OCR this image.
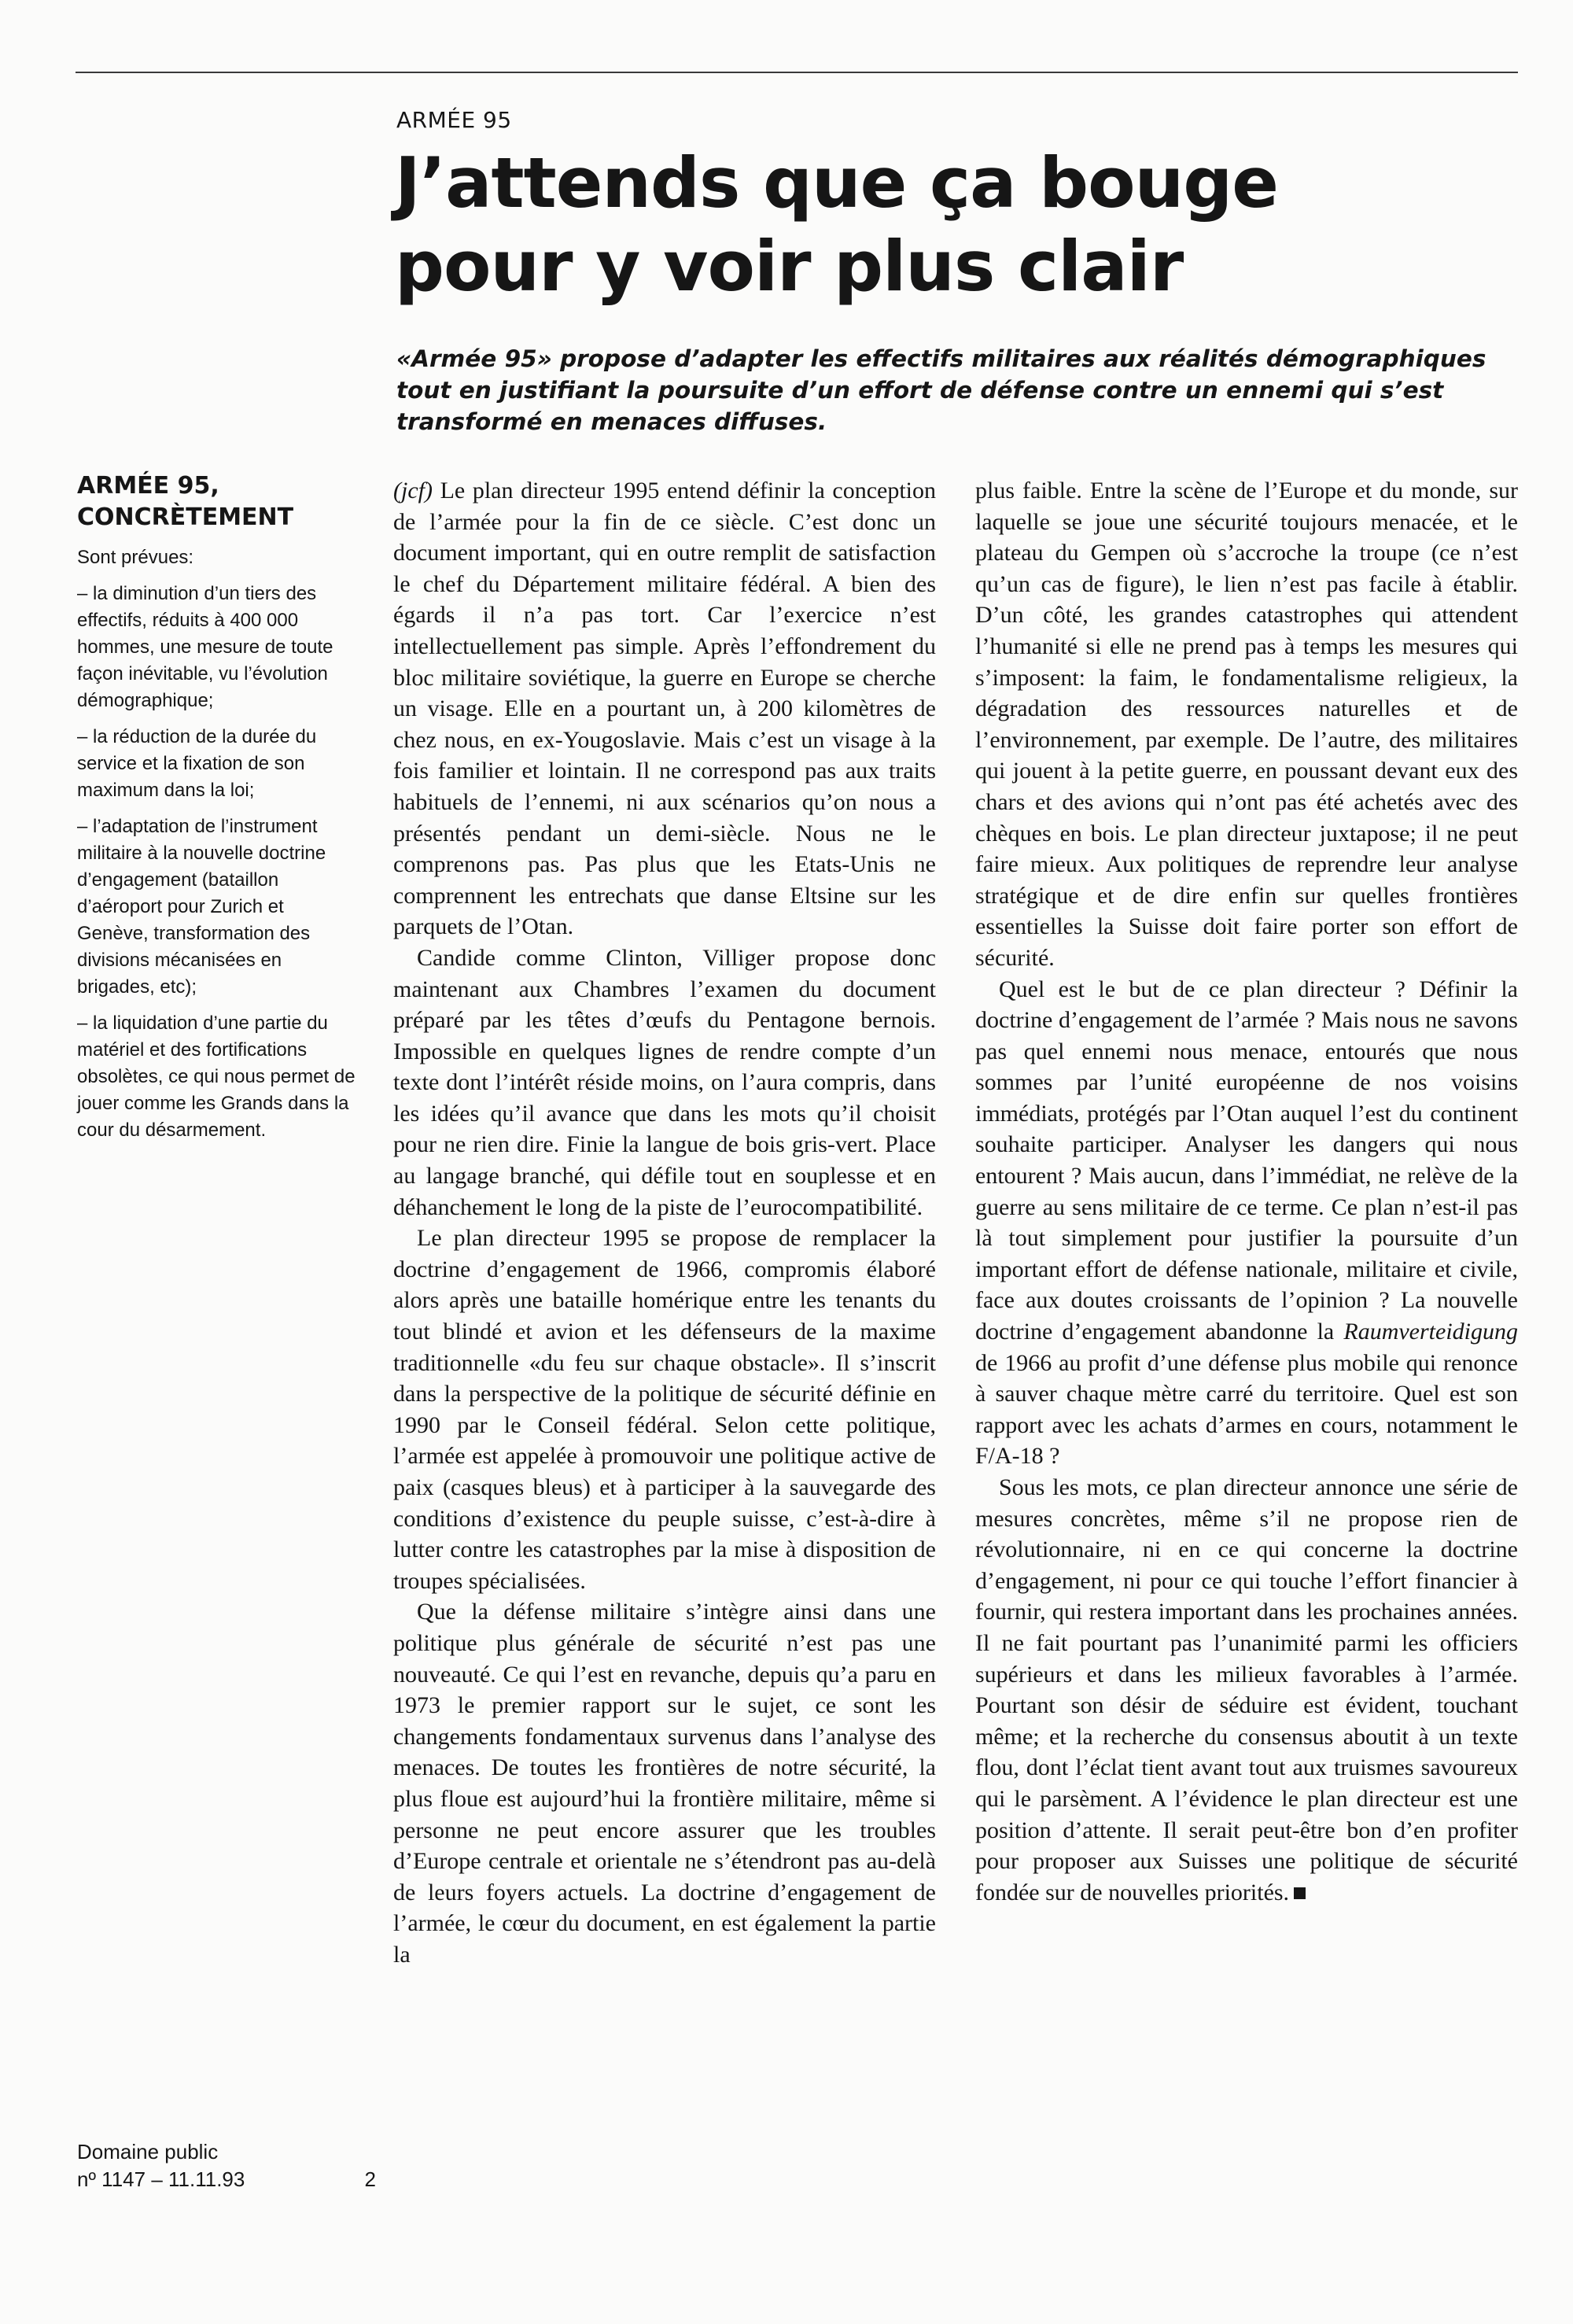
ARMÉE 95
J’attends que ça bouge
pour y voir plus clair

«Armée 95» propose d’adapter les effectifs militaires aux réalités démographiques tout en justifiant la poursuite d’un effort de défense contre un ennemi qui s’est transformé en menaces diffuses.

ARMÉE 95,
CONCRÈTEMENT

Sont prévues:

– la diminution d’un tiers des effectifs, réduits à 400 000 hommes, une mesure de toute façon inévitable, vu l’évolution démographique;

– la réduction de la durée du service et la fixation de son maximum dans la loi;

– l’adaptation de l’instrument militaire à la nouvelle doctrine d’engagement (bataillon d’aéroport pour Zurich et Genève, transformation des divisions mécanisées en brigades, etc);

– la liquidation d’une partie du matériel et des fortifications obsolètes, ce qui nous permet de jouer comme les Grands dans la cour du désarmement.

(jcf) Le plan directeur 1995 entend définir la conception de l’armée pour la fin de ce siècle. C’est donc un document important, qui en outre remplit de satisfaction le chef du Département militaire fédéral. A bien des égards il n’a pas tort. Car l’exercice n’est intellectuellement pas simple. Après l’effondrement du bloc militaire soviétique, la guerre en Europe se cherche un visage. Elle en a pourtant un, à 200 kilomètres de chez nous, en ex-Yougoslavie. Mais c’est un visage à la fois familier et lointain. Il ne correspond pas aux traits habituels de l’ennemi, ni aux scénarios qu’on nous a présentés pendant un demi-siècle. Nous ne le comprenons pas. Pas plus que les Etats-Unis ne comprennent les entrechats que danse Eltsine sur les parquets de l’Otan.

Candide comme Clinton, Villiger propose donc maintenant aux Chambres l’examen du document préparé par les têtes d’œufs du Pentagone bernois. Impossible en quelques lignes de rendre compte d’un texte dont l’intérêt réside moins, on l’aura compris, dans les idées qu’il avance que dans les mots qu’il choisit pour ne rien dire. Finie la langue de bois gris-vert. Place au langage branché, qui défile tout en souplesse et en déhanchement le long de la piste de l’eurocompatibilité.

Le plan directeur 1995 se propose de remplacer la doctrine d’engagement de 1966, compromis élaboré alors après une bataille homérique entre les tenants du tout blindé et avion et les défenseurs de la maxime traditionnelle «du feu sur chaque obstacle». Il s’inscrit dans la perspective de la politique de sécurité définie en 1990 par le Conseil fédéral. Selon cette politique, l’armée est appelée à promouvoir une politique active de paix (casques bleus) et à participer à la sauvegarde des conditions d’existence du peuple suisse, c’est-à-dire à lutter contre les catastrophes par la mise à disposition de troupes spécialisées.

Que la défense militaire s’intègre ainsi dans une politique plus générale de sécurité n’est pas une nouveauté. Ce qui l’est en revanche, depuis qu’a paru en 1973 le premier rapport sur le sujet, ce sont les changements fondamentaux survenus dans l’analyse des menaces. De toutes les frontières de notre sécurité, la plus floue est aujourd’hui la frontière militaire, même si personne ne peut encore assurer que les troubles d’Europe centrale et orientale ne s’étendront pas au-delà de leurs foyers actuels. La doctrine d’engagement de l’armée, le cœur du document, en est également la partie la

plus faible. Entre la scène de l’Europe et du monde, sur laquelle se joue une sécurité toujours menacée, et le plateau du Gempen où s’accroche la troupe (ce n’est qu’un cas de figure), le lien n’est pas facile à établir. D’un côté, les grandes catastrophes qui attendent l’humanité si elle ne prend pas à temps les mesures qui s’imposent: la faim, le fondamentalisme religieux, la dégradation des ressources naturelles et de l’environnement, par exemple. De l’autre, des militaires qui jouent à la petite guerre, en poussant devant eux des chars et des avions qui n’ont pas été achetés avec des chèques en bois. Le plan directeur juxtapose; il ne peut faire mieux. Aux politiques de reprendre leur analyse stratégique et de dire enfin sur quelles frontières essentielles la Suisse doit faire porter son effort de sécurité.

Quel est le but de ce plan directeur ? Définir la doctrine d’engagement de l’armée ? Mais nous ne savons pas quel ennemi nous menace, entourés que nous sommes par l’unité européenne de nos voisins immédiats, protégés par l’Otan auquel l’est du continent souhaite participer. Analyser les dangers qui nous entourent ? Mais aucun, dans l’immédiat, ne relève de la guerre au sens militaire de ce terme. Ce plan n’est-il pas là tout simplement pour justifier la poursuite d’un important effort de défense nationale, militaire et civile, face aux doutes croissants de l’opinion ? La nouvelle doctrine d’engagement abandonne la Raumverteidigung de 1966 au profit d’une défense plus mobile qui renonce à sauver chaque mètre carré du territoire. Quel est son rapport avec les achats d’armes en cours, notamment le F/A-18 ?

Sous les mots, ce plan directeur annonce une série de mesures concrètes, même s’il ne propose rien de révolutionnaire, ni en ce qui concerne la doctrine d’engagement, ni pour ce qui touche l’effort financier à fournir, qui restera important dans les prochaines années. Il ne fait pourtant pas l’unanimité parmi les officiers supérieurs et dans les milieux favorables à l’armée. Pourtant son désir de séduire est évident, touchant même; et la recherche du consensus aboutit à un texte flou, dont l’éclat tient avant tout aux truismes savoureux qui le parsèment. A l’évidence le plan directeur est une position d’attente. Il serait peut-être bon d’en profiter pour proposer aux Suisses une politique de sécurité fondée sur de nouvelles priorités.

Domaine public
nº 1147 – 11.11.93	2
